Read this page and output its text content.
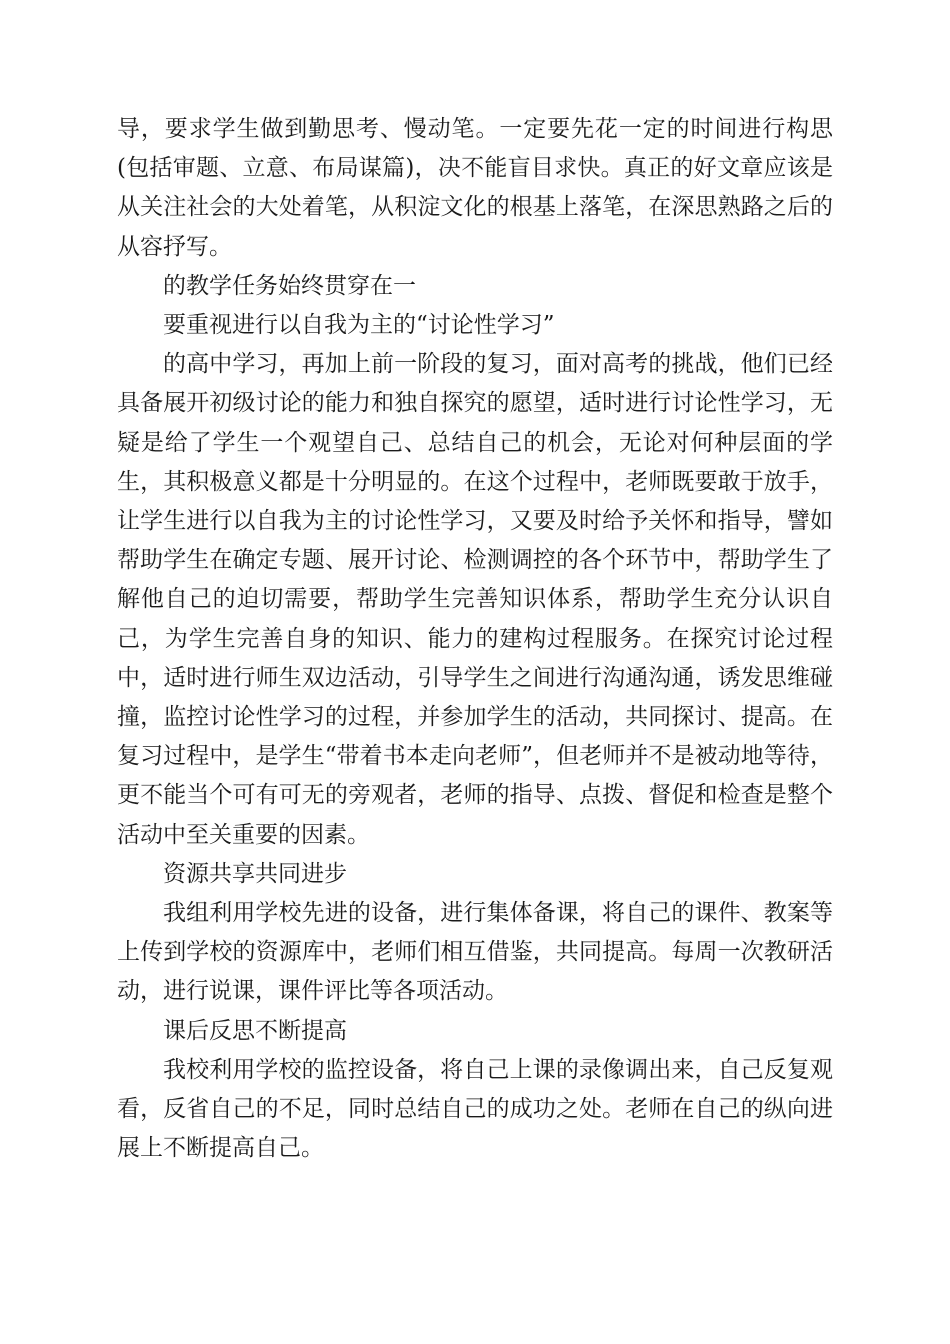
导，要求学生做到勤思考、慢动笔。一定要先花一定的时间进行构思(包括审题、立意、布局谋篇)，决不能盲目求快。真正的好文章应该是从关注社会的大处着笔，从积淀文化的根基上落笔，在深思熟路之后的从容抒写。

的教学任务始终贯穿在一

要重视进行以自我为主的“讨论性学习”

的高中学习，再加上前一阶段的复习，面对高考的挑战，他们已经具备展开初级讨论的能力和独自探究的愿望，适时进行讨论性学习，无疑是给了学生一个观望自己、总结自己的机会，无论对何种层面的学生，其积极意义都是十分明显的。在这个过程中，老师既要敢于放手，让学生进行以自我为主的讨论性学习，又要及时给予关怀和指导，譬如帮助学生在确定专题、展开讨论、检测调控的各个环节中，帮助学生了解他自己的迫切需要，帮助学生完善知识体系，帮助学生充分认识自己，为学生完善自身的知识、能力的建构过程服务。在探究讨论过程中，适时进行师生双边活动，引导学生之间进行沟通沟通，诱发思维碰撞，监控讨论性学习的过程，并参加学生的活动，共同探讨、提高。在复习过程中，是学生“带着书本走向老师”，但老师并不是被动地等待，更不能当个可有可无的旁观者，老师的指导、点拨、督促和检查是整个活动中至关重要的因素。

资源共享共同进步

我组利用学校先进的设备，进行集体备课，将自己的课件、教案等上传到学校的资源库中，老师们相互借鉴，共同提高。每周一次教研活动，进行说课，课件评比等各项活动。

课后反思不断提高

我校利用学校的监控设备，将自己上课的录像调出来，自己反复观看，反省自己的不足，同时总结自己的成功之处。老师在自己的纵向进展上不断提高自己。
